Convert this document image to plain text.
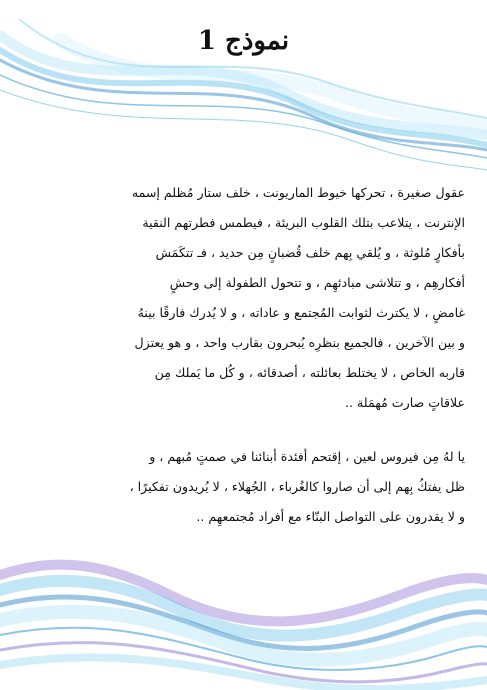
نموذج 1
عقول صغيرة ، تحركها خيوط الماريونت ، خلف ستار مُظلم إسمه
الإنترنت ، يتلاعب بتلك القلوب البريئة ، فيطمس فطرتهم النقية
بأفكارٍ مُلوثة ، و يُلقي بِهم خلف قُضبانٍ مِن حديد ، فـ تتكَمَش
أفكارهِم ، و تتلاشى مبادئهِم ، و تتحول الطفولة إلى وحشٍ
غامضٍ ، لا يكترث لثوابت المُجتمع و عاداته ، و لا يُدرك فارقًا بينهُ
و بين الآخرين ، فالجميع بنظرِه يُبحرون بقارب واحد ، و هو يعتزل
قاربه الخاص ، لا يختلط بعائلته ، أصدقائه ، و كُل ما يَملك مِن
علاقاتٍ صارت مُهمَلة ..
يا لهُ مِن فيروس لعين ، إقتحم أفئدة أبنائنا في صمتٍ مُبهم ، و
ظل يفتكُ بِهم إلى أن صاروا كالغُرباء ، الجُهلاء ، لا يُريدون تفكيرًا ،
و لا يقدرون على التواصل البنّاء مع أفراد مُجتمعهِم ..
